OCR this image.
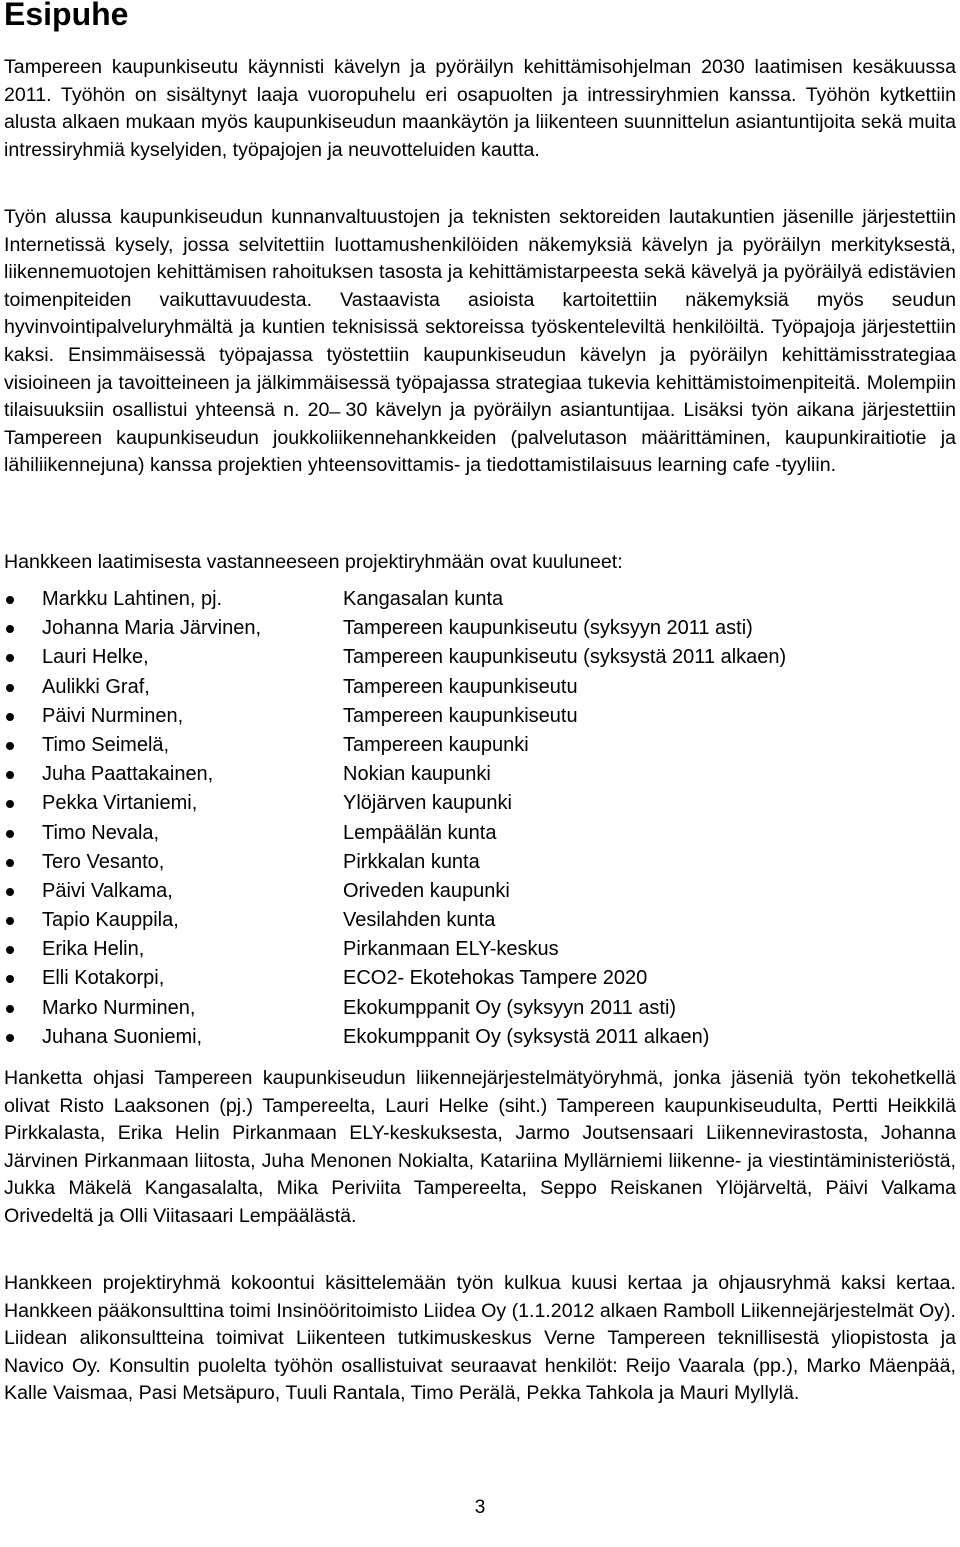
Esipuhe

Tampereen kaupunkiseutu käynnisti kävelyn ja pyöräilyn kehittämisohjelman 2030 laatimisen kesäkuussa 2011. Työhön on sisältynyt laaja vuoropuhelu eri osapuolten ja intressiryhmien kanssa. Työhön kytkettiin alusta alkaen mukaan myös kaupunkiseudun maankäytön ja liikenteen suunnittelun asiantuntijoita sekä muita intressiryhmiä kyselyiden, työpajojen ja neuvotteluiden kautta.

Työn alussa kaupunkiseudun kunnanvaltuustojen ja teknisten sektoreiden lautakuntien jäsenille järjestettiin Internetissä kysely, jossa selvitettiin luottamushenkilöiden näkemyksiä kävelyn ja pyöräilyn merkityksestä, liikennemuotojen kehittämisen rahoituksen tasosta ja kehittämistarpeesta sekä kävelyä ja pyöräilyä edistävien toimenpiteiden vaikuttavuudesta. Vastaavista asioista kartoitettiin näkemyksiä myös seudun hyvinvointipalveluryhmältä ja kuntien teknisissä sektoreissa työskenteleviltä henkilöiltä. Työpajoja järjestettiin kaksi. Ensimmäisessä työpajassa työstettiin kaupunkiseudun kävelyn ja pyöräilyn kehittämisstrategiaa visioineen ja tavoitteineen ja jälkimmäisessä työpajassa strategiaa tukevia kehittämistoimenpiteitä. Molempiin tilaisuuksiin osallistui yhteensä n. 20 ̶ 30 kävelyn ja pyöräilyn asiantuntijaa. Lisäksi työn aikana järjestettiin Tampereen kaupunkiseudun joukkoliikennehankkeiden (palvelutason määrittäminen, kaupunkiraitiotie ja lähiliikennejuna) kanssa projektien yhteensovittamis- ja tiedottamistilaisuus learning cafe -tyyliin.

Hankkeen laatimisesta vastanneeseen projektiryhmään ovat kuuluneet:

Markku Lahtinen, pj.	Kangasalan kunta
Johanna Maria Järvinen,	Tampereen kaupunkiseutu (syksyyn 2011 asti)
Lauri Helke,	Tampereen kaupunkiseutu (syksystä 2011 alkaen)
Aulikki Graf,	Tampereen kaupunkiseutu
Päivi Nurminen,	Tampereen kaupunkiseutu
Timo Seimelä,	Tampereen kaupunki
Juha Paattakainen,	Nokian kaupunki
Pekka Virtaniemi,	Ylöjärven kaupunki
Timo Nevala,	Lempäälän kunta
Tero Vesanto,	Pirkkalan kunta
Päivi Valkama,	Oriveden kaupunki
Tapio Kauppila,	Vesilahden kunta
Erika Helin,	Pirkanmaan ELY-keskus
Elli Kotakorpi,	ECO2- Ekotehokas Tampere 2020
Marko Nurminen,	Ekokumppanit Oy (syksyyn 2011 asti)
Juhana Suoniemi,	Ekokumppanit Oy (syksystä 2011 alkaen)

Hanketta ohjasi Tampereen kaupunkiseudun liikennejärjestelmätyöryhmä, jonka jäseniä työn tekohetkellä olivat Risto Laaksonen (pj.) Tampereelta, Lauri Helke (siht.) Tampereen kaupunkiseudulta, Pertti Heikkilä Pirkkalasta, Erika Helin Pirkanmaan ELY-keskuksesta, Jarmo Joutsensaari Liikennevirastosta, Johanna Järvinen Pirkanmaan liitosta, Juha Menonen Nokialta, Katariina Myllärniemi liikenne- ja viestintäministeriöstä, Jukka Mäkelä Kangasalalta, Mika Periviita Tampereelta, Seppo Reiskanen Ylöjärveltä, Päivi Valkama Orivedeltä ja Olli Viitasaari Lempäälästä.

Hankkeen projektiryhmä kokoontui käsittelemään työn kulkua kuusi kertaa ja ohjausryhmä kaksi kertaa. Hankkeen pääkonsulttina toimi Insinööritoimisto Liidea Oy (1.1.2012 alkaen Ramboll Liikennejärjestelmät Oy). Liidean alikonsultteina toimivat Liikenteen tutkimuskeskus Verne Tampereen teknillisestä yliopistosta ja Navico Oy. Konsultin puolelta työhön osallistuivat seuraavat henkilöt: Reijo Vaarala (pp.), Marko Mäenpää, Kalle Vaismaa, Pasi Metsäpuro, Tuuli Rantala, Timo Perälä, Pekka Tahkola ja Mauri Myllylä.

3
